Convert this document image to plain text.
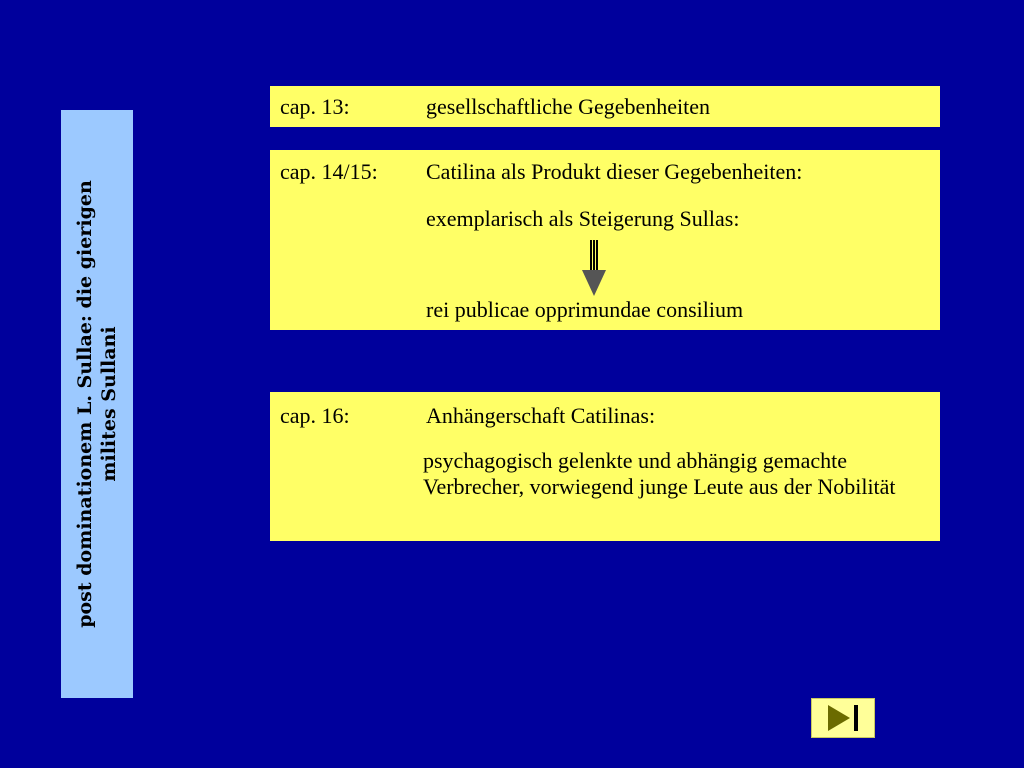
post dominationem L. Sullae: die gierigen milites Sullani
cap. 13:	gesellschaftliche Gegebenheiten
cap. 14/15: Catilina als Produkt dieser Gegebenheiten:
exemplarisch als Steigerung Sullas:
rei publicae opprimundae consilium
cap. 16:	Anhängerschaft Catilinas:
psychagogisch gelenkte und abhängig gemachte Verbrecher, vorwiegend junge Leute aus der Nobilität
